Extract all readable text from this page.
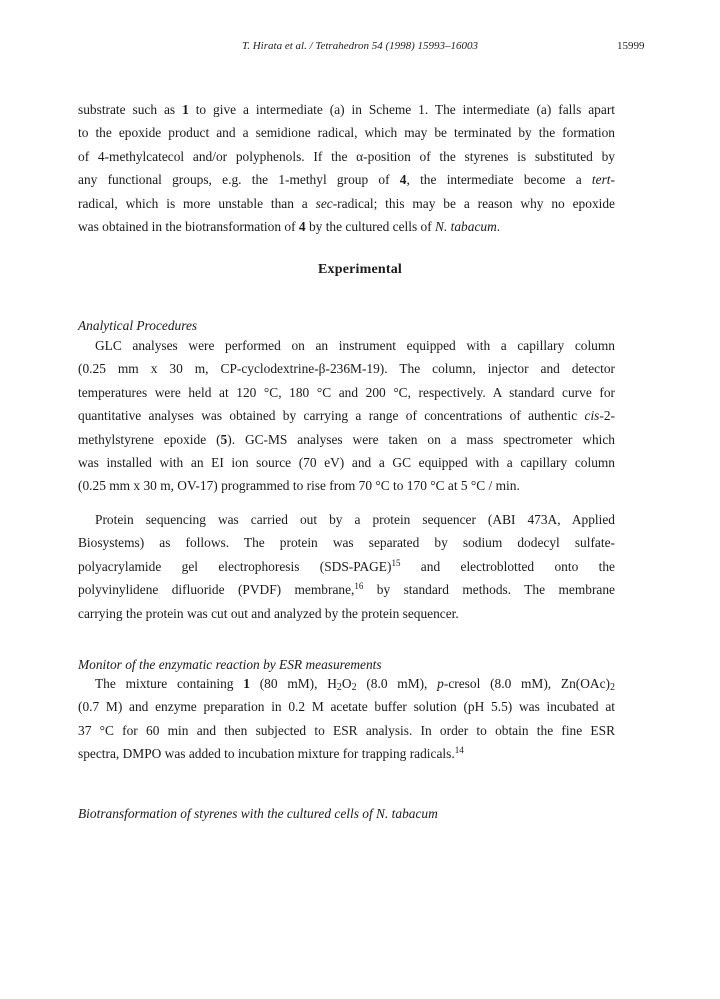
T. Hirata et al. / Tetrahedron 54 (1998) 15993–16003	15999
substrate such as 1 to give a intermediate (a) in Scheme 1. The intermediate (a) falls apart
to the epoxide product and a semidione radical, which may be terminated by the formation
of 4-methylcatecol and/or polyphenols. If the α-position of the styrenes is substituted by
any functional groups, e.g. the 1-methyl group of 4, the intermediate become a tert-
radical, which is more unstable than a sec-radical; this may be a reason why no epoxide
was obtained in the biotransformation of 4 by the cultured cells of N. tabacum.
Experimental
Analytical Procedures
GLC analyses were performed on an instrument equipped with a capillary column
(0.25 mm x 30 m, CP-cyclodextrine-β-236M-19). The column, injector and detector
temperatures were held at 120 °C, 180 °C and 200 °C, respectively. A standard curve for
quantitative analyses was obtained by carrying a range of concentrations of authentic cis-2-
methylstyrene epoxide (5). GC-MS analyses were taken on a mass spectrometer which
was installed with an EI ion source (70 eV) and a GC equipped with a capillary column
(0.25 mm x 30 m, OV-17) programmed to rise from 70 °C to 170 °C at 5 °C / min.
Protein sequencing was carried out by a protein sequencer (ABI 473A, Applied
Biosystems) as follows. The protein was separated by sodium dodecyl sulfate-
polyacrylamide gel electrophoresis (SDS-PAGE)$^{15}$ and electroblotted onto the
polyvinylidene difluoride (PVDF) membrane,$^{16}$ by standard methods. The membrane
carrying the protein was cut out and analyzed by the protein sequencer.
Monitor of the enzymatic reaction by ESR measurements
The mixture containing 1 (80 mM), $H_2O_2$ (8.0 mM), p-cresol (8.0 mM), $Zn(OAc)_2$
(0.7 M) and enzyme preparation in 0.2 M acetate buffer solution (pH 5.5) was incubated at
37 °C for 60 min and then subjected to ESR analysis. In order to obtain the fine ESR
spectra, DMPO was added to incubation mixture for trapping radicals.$^{14}$
Biotransformation of styrenes with the cultured cells of N. tabacum
